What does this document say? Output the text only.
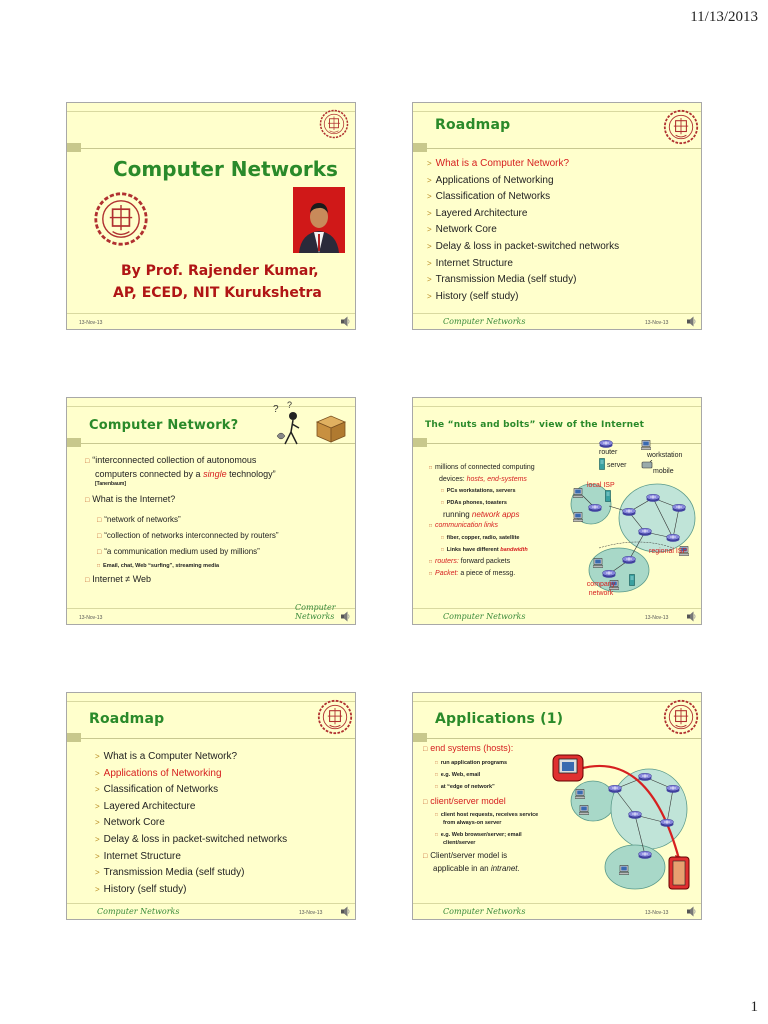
11/13/2013
Computer Networks
By Prof. Rajender Kumar,
AP, ECED, NIT Kurukshetra
13-Nov-13
Roadmap
> What is a Computer Network?
> Applications of Networking
> Classification of Networks
> Layered Architecture
> Network Core
> Delay & loss in packet-switched networks
> Internet Structure
> Transmission Media (self study)
> History (self study)
Computer Networks	13-Nov-13
Computer Network?
? ?
□ “interconnected collection of autonomous
computers connected by a single technology”
[Tanenbaum]
□ What is the Internet?
□ “network of networks”
□ “collection of networks interconnected by routers”
□ “a communication medium used by millions”
□ Email, chat, Web “surfing”, streaming media
□ Internet ≠ Web
13-Nov-13
Computer Networks
The “nuts and bolts” view of the Internet
router	workstation
server
mobile
local ISP
regional ISP
company network
□ millions of connected computing
devices: hosts, end-systems
□ PCs workstations, servers
□ PDAs phones, toasters
running network apps
□ communication links
□ fiber, copper, radio, satellite
□ Links have different bandwidth
□ routers: forward packets
□ Packet: a piece of messg.
Computer Networks	13-Nov-13
Roadmap
> What is a Computer Network?
> Applications of Networking
> Classification of Networks
> Layered Architecture
> Network Core
> Delay & loss in packet-switched networks
> Internet Structure
> Transmission Media (self study)
> History (self study)
Computer Networks	13-Nov-13
Applications (1)
□ end systems (hosts):
□ run application programs
□ e.g. Web, email
□ at “edge of network”
□ client/server model
□ client host requests, receives service
from always-on server
□ e.g. Web browser/server; email
client/server
□ Client/server model is
applicable in an intranet.
Computer Networks	13-Nov-13
1
